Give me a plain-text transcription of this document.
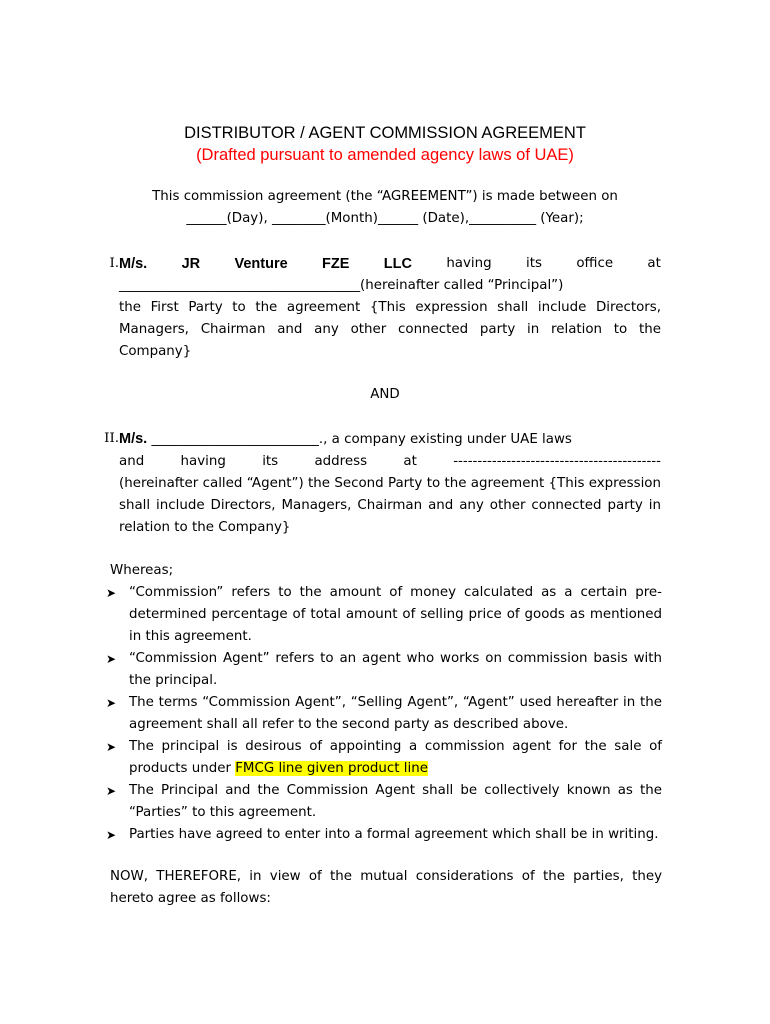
DISTRIBUTOR / AGENT COMMISSION AGREEMENT
(Drafted pursuant to amended agency laws of UAE)
This commission agreement (the “AGREEMENT”) is made between on
______(Day), ________(Month)______ (Date),__________ (Year);
I. M/s. JR Venture FZE LLC	having	its	office	at
____________________________________(hereinafter called “Principal”)
the First Party to the agreement {This expression shall include Directors, Managers, Chairman and any other connected party in relation to the Company}
AND
II. M/s. _________________________., a company existing under UAE laws
and	having	its	address	at	-------------------------------------------
(hereinafter called “Agent”) the Second Party to the agreement {This expression shall include Directors, Managers, Chairman and any other connected party in relation to the Company}
Whereas;
➤ “Commission” refers to the amount of money calculated as a certain pre-determined percentage of total amount of selling price of goods as mentioned in this agreement.
➤ “Commission Agent” refers to an agent who works on commission basis with the principal.
➤ The terms “Commission Agent”, “Selling Agent”, “Agent” used hereafter in the agreement shall all refer to the second party as described above.
➤ The principal is desirous of appointing a commission agent for the sale of products under FMCG line given product line
➤ The Principal and the Commission Agent shall be collectively known as the “Parties” to this agreement.
➤ Parties have agreed to enter into a formal agreement which shall be in writing.
NOW, THEREFORE, in view of the mutual considerations of the parties, they hereto agree as follows:
